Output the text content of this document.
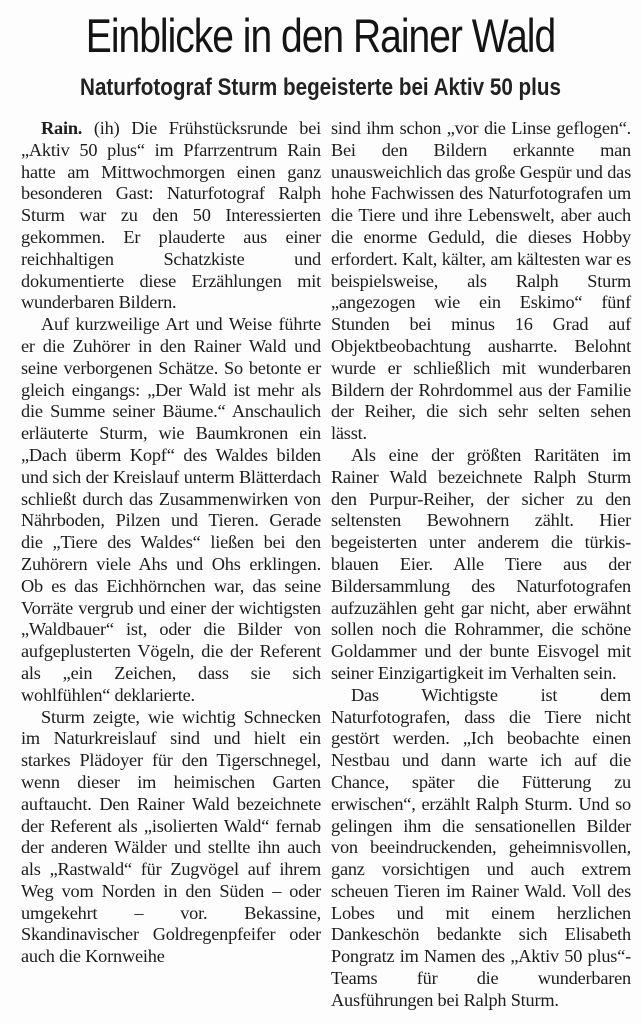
Einblicke in den Rainer Wald
Naturfotograf Sturm begeisterte bei Aktiv 50 plus

Rain. (ih) Die Frühstücksrunde bei „Aktiv 50 plus“ im Pfarrzentrum Rain hatte am Mittwochmorgen einen ganz besonderen Gast: Naturfotograf Ralph Sturm war zu den 50 Interessierten gekommen. Er plauderte aus einer reichhaltigen Schatzkiste und dokumentierte diese Erzählungen mit wunderbaren Bildern.

Auf kurzweilige Art und Weise führte er die Zuhörer in den Rainer Wald und seine verborgenen Schätze. So betonte er gleich eingangs: „Der Wald ist mehr als die Summe seiner Bäume.“ Anschaulich erläuterte Sturm, wie Baumkronen ein „Dach überm Kopf“ des Waldes bilden und sich der Kreislauf unterm Blätterdach schließt durch das Zusammenwirken von Nährboden, Pilzen und Tieren. Gerade die „Tiere des Waldes“ ließen bei den Zuhörern viele Ahs und Ohs erklingen. Ob es das Eichhörnchen war, das seine Vorräte vergrub und einer der wichtigsten „Waldbauer“ ist, oder die Bilder von aufgeplusterten Vögeln, die der Referent als „ein Zeichen, dass sie sich wohlfühlen“ deklarierte.

Sturm zeigte, wie wichtig Schnecken im Naturkreislauf sind und hielt ein starkes Plädoyer für den Tigerschnegel, wenn dieser im heimischen Garten auftaucht. Den Rainer Wald bezeichnete der Referent als „isolierten Wald“ fernab der anderen Wälder und stellte ihn auch als „Rastwald“ für Zugvögel auf ihrem Weg vom Norden in den Süden – oder umgekehrt – vor. Bekassine, Skandinavischer Goldregenpfeifer oder auch die Kornweihe

sind ihm schon „vor die Linse geflogen“. Bei den Bildern erkannte man unausweichlich das große Gespür und das hohe Fachwissen des Naturfotografen um die Tiere und ihre Lebenswelt, aber auch die enorme Geduld, die dieses Hobby erfordert. Kalt, kälter, am kältesten war es beispielsweise, als Ralph Sturm „angezogen wie ein Eskimo“ fünf Stunden bei minus 16 Grad auf Objektbeobachtung ausharrte. Belohnt wurde er schließlich mit wunderbaren Bildern der Rohrdommel aus der Familie der Reiher, die sich sehr selten sehen lässt.

Als eine der größten Raritäten im Rainer Wald bezeichnete Ralph Sturm den Purpur-Reiher, der sicher zu den seltensten Bewohnern zählt. Hier begeisterten unter anderem die türkis-blauen Eier. Alle Tiere aus der Bildersammlung des Naturfotografen aufzuzählen geht gar nicht, aber erwähnt sollen noch die Rohrammer, die schöne Goldammer und der bunte Eisvogel mit seiner Einzigartigkeit im Verhalten sein.

Das Wichtigste ist dem Naturfotografen, dass die Tiere nicht gestört werden. „Ich beobachte einen Nestbau und dann warte ich auf die Chance, später die Fütterung zu erwischen“, erzählt Ralph Sturm. Und so gelingen ihm die sensationellen Bilder von beeindruckenden, geheimnisvollen, ganz vorsichtigen und auch extrem scheuen Tieren im Rainer Wald. Voll des Lobes und mit einem herzlichen Dankeschön bedankte sich Elisabeth Pongratz im Namen des „Aktiv 50 plus“-Teams für die wunderbaren Ausführungen bei Ralph Sturm.
